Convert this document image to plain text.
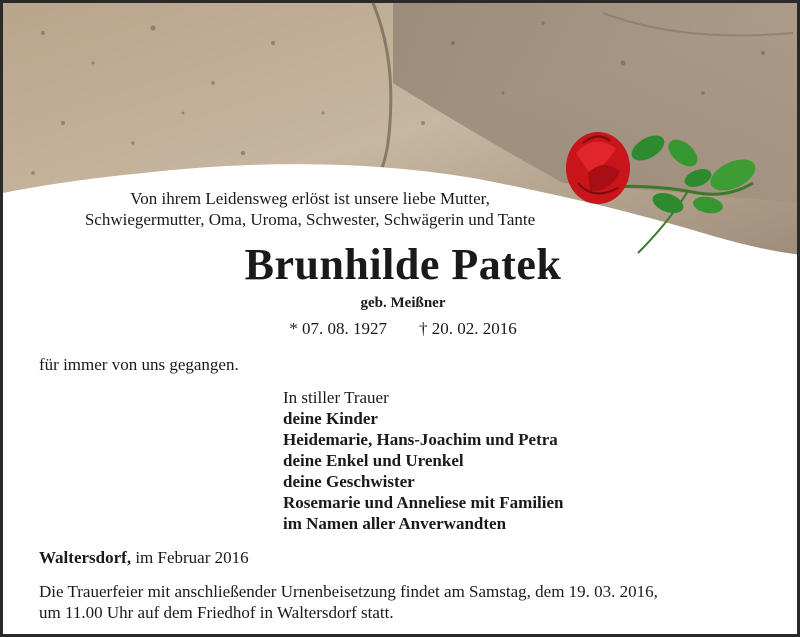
Von ihrem Leidensweg erlöst ist unsere liebe Mutter,
Schwiegermutter, Oma, Uroma, Schwester, Schwägerin und Tante
Brunhilde Patek
geb. Meißner
* 07. 08. 1927 † 20. 02. 2016
für immer von uns gegangen.
In stiller Trauer
deine Kinder
Heidemarie, Hans-Joachim und Petra
deine Enkel und Urenkel
deine Geschwister
Rosemarie und Anneliese mit Familien
im Namen aller Anverwandten
Waltersdorf, im Februar 2016
Die Trauerfeier mit anschließender Urnenbeisetzung findet am Samstag, dem 19. 03. 2016,
um 11.00 Uhr auf dem Friedhof in Waltersdorf statt.
